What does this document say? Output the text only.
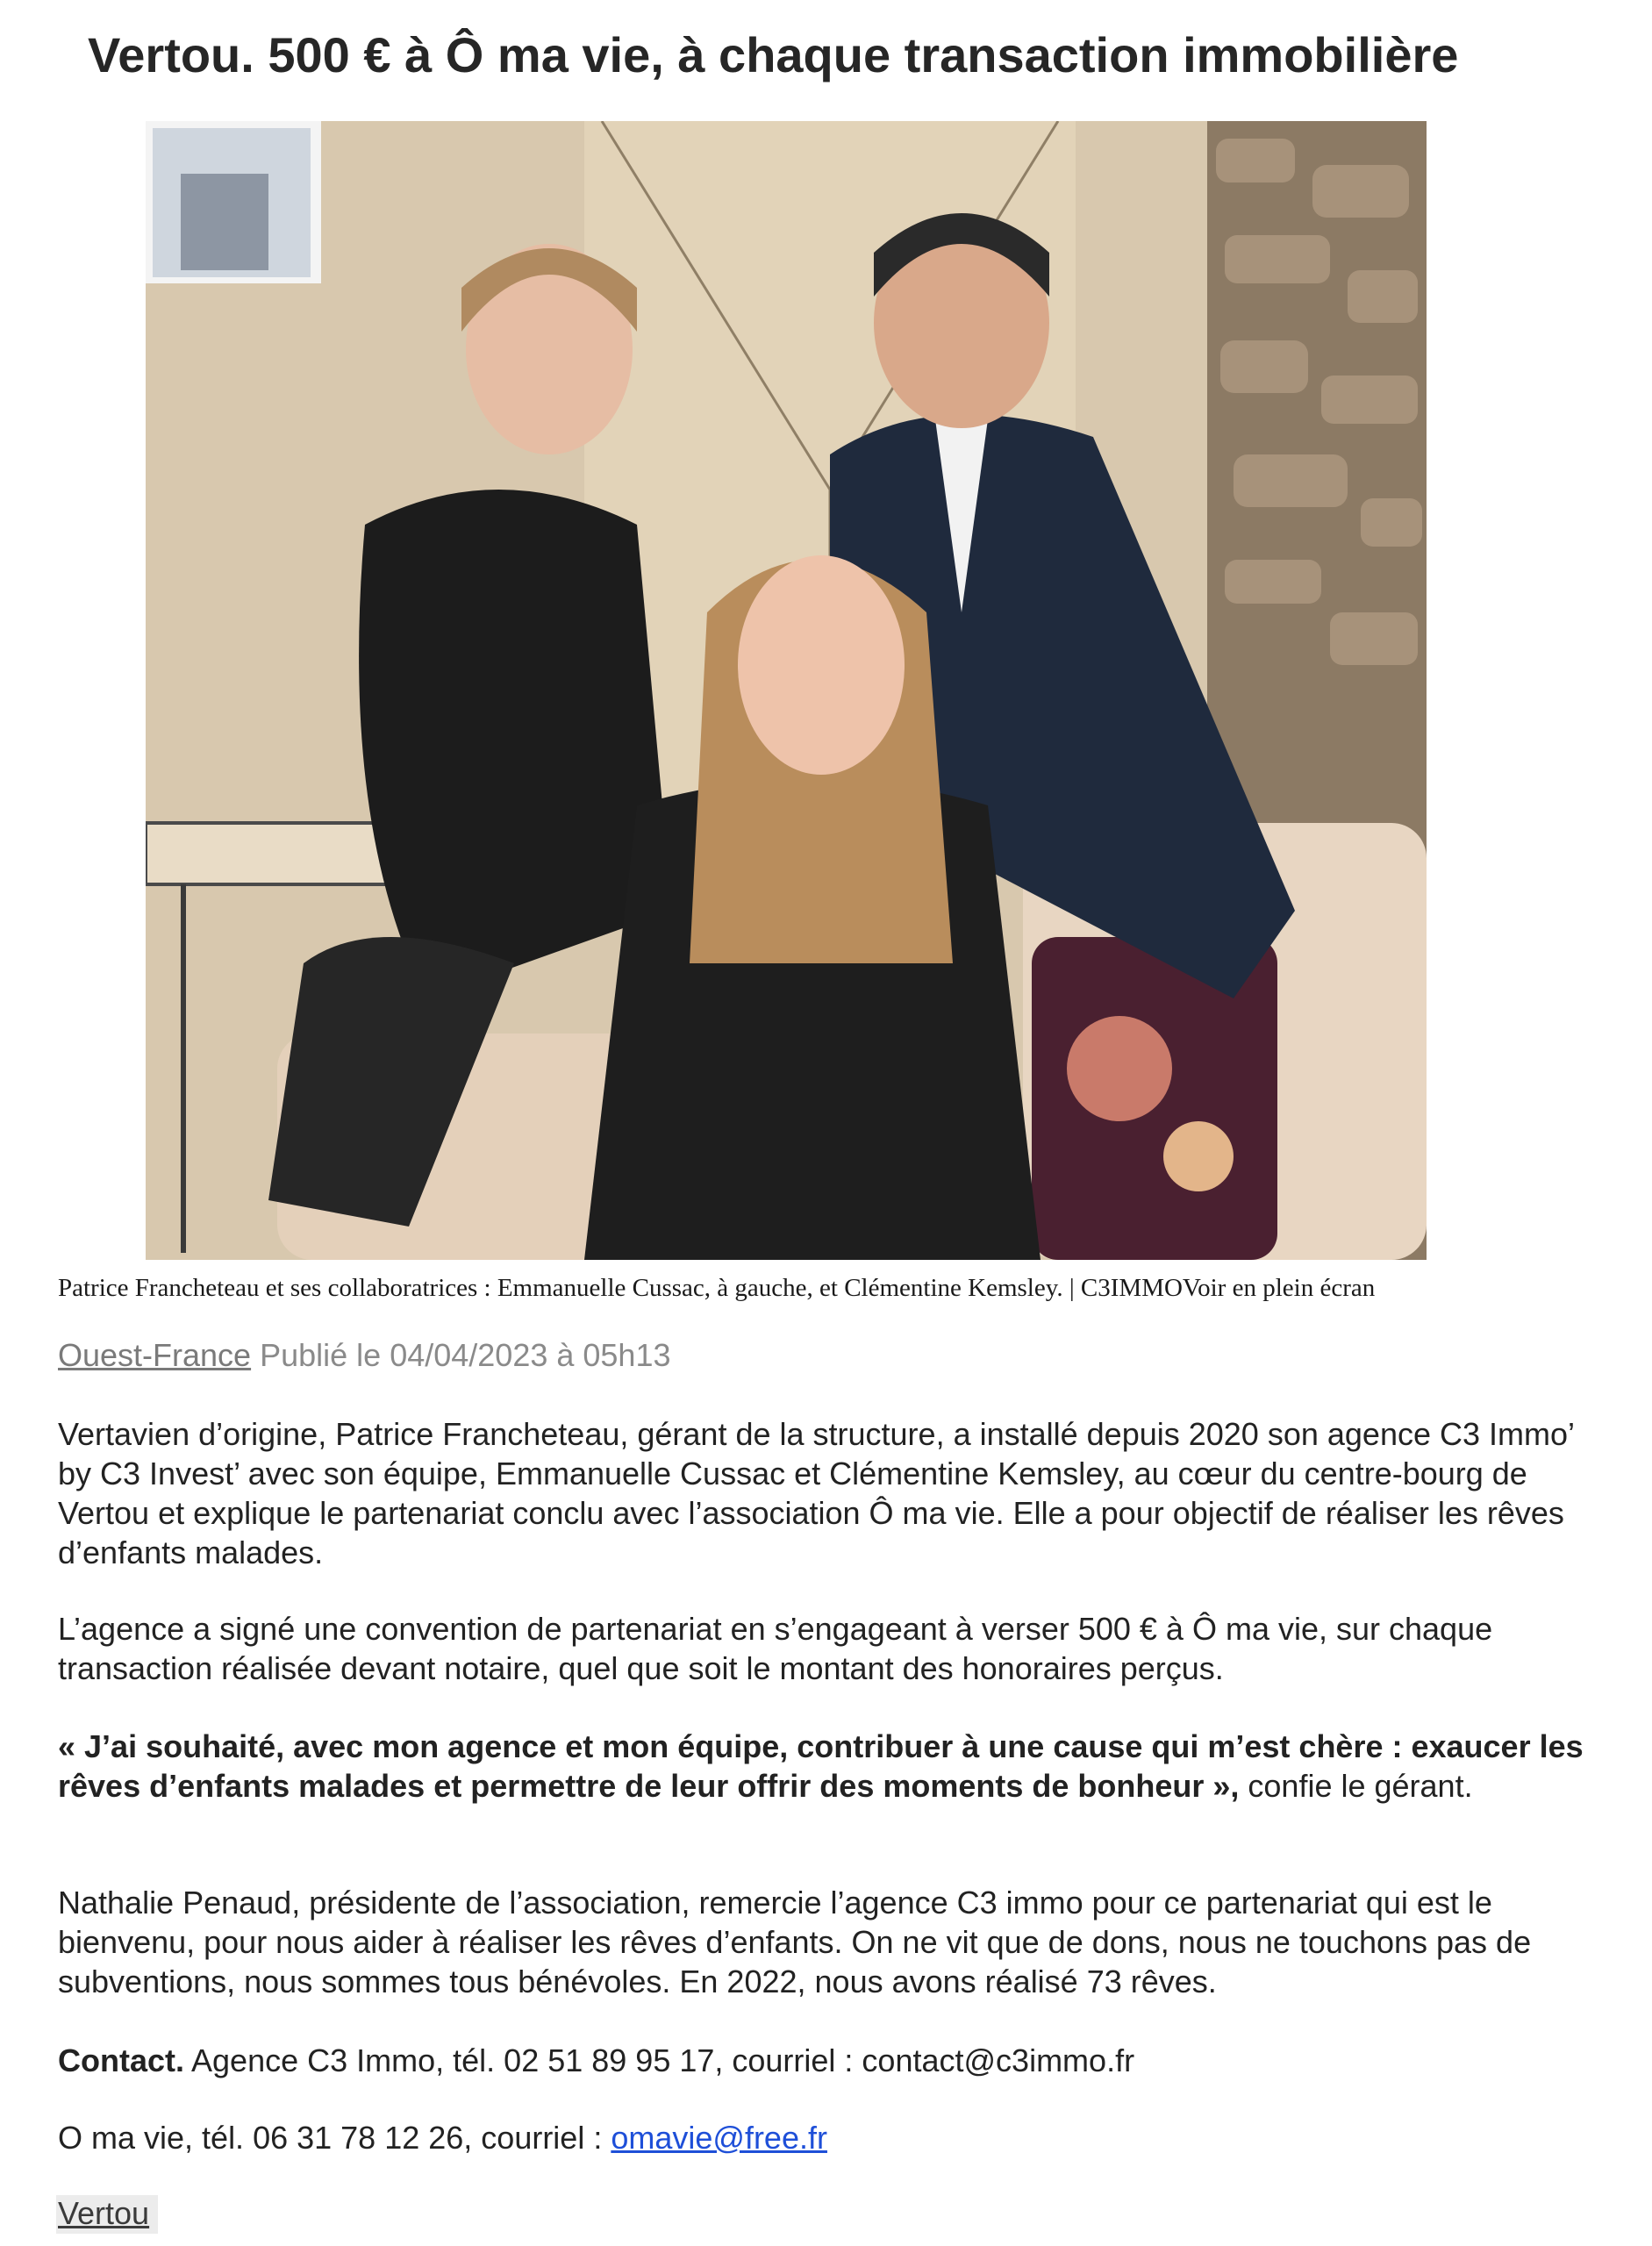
Vertou. 500 € à Ô ma vie, à chaque transaction immobilière
Patrice Francheteau et ses collaboratrices : Emmanuelle Cussac, à gauche, et Clémentine Kemsley. | C3IMMOVoir en plein écran
Ouest-France Publié le 04/04/2023 à 05h13

Vertavien d’origine, Patrice Francheteau, gérant de la structure, a installé depuis 2020 son agence C3 Immo’ by C3 Invest’ avec son équipe, Emmanuelle Cussac et Clémentine Kemsley, au cœur du centre-bourg de Vertou et explique le partenariat conclu avec l’association Ô ma vie. Elle a pour objectif de réaliser les rêves d’enfants malades.

L’agence a signé une convention de partenariat en s’engageant à verser 500 € à Ô ma vie, sur chaque transaction réalisée devant notaire, quel que soit le montant des honoraires perçus.

« J’ai souhaité, avec mon agence et mon équipe, contribuer à une cause qui m’est chère : exaucer les rêves d’enfants malades et permettre de leur offrir des moments de bonheur », confie le gérant.

Nathalie Penaud, présidente de l’association, remercie l’agence C3 immo pour ce partenariat qui est le bienvenu, pour nous aider à réaliser les rêves d’enfants. On ne vit que de dons, nous ne touchons pas de subventions, nous sommes tous bénévoles. En 2022, nous avons réalisé 73 rêves.

Contact. Agence C3 Immo, tél. 02 51 89 95 17, courriel : contact@c3immo.fr

O ma vie, tél. 06 31 78 12 26, courriel : omavie@free.fr

Vertou
